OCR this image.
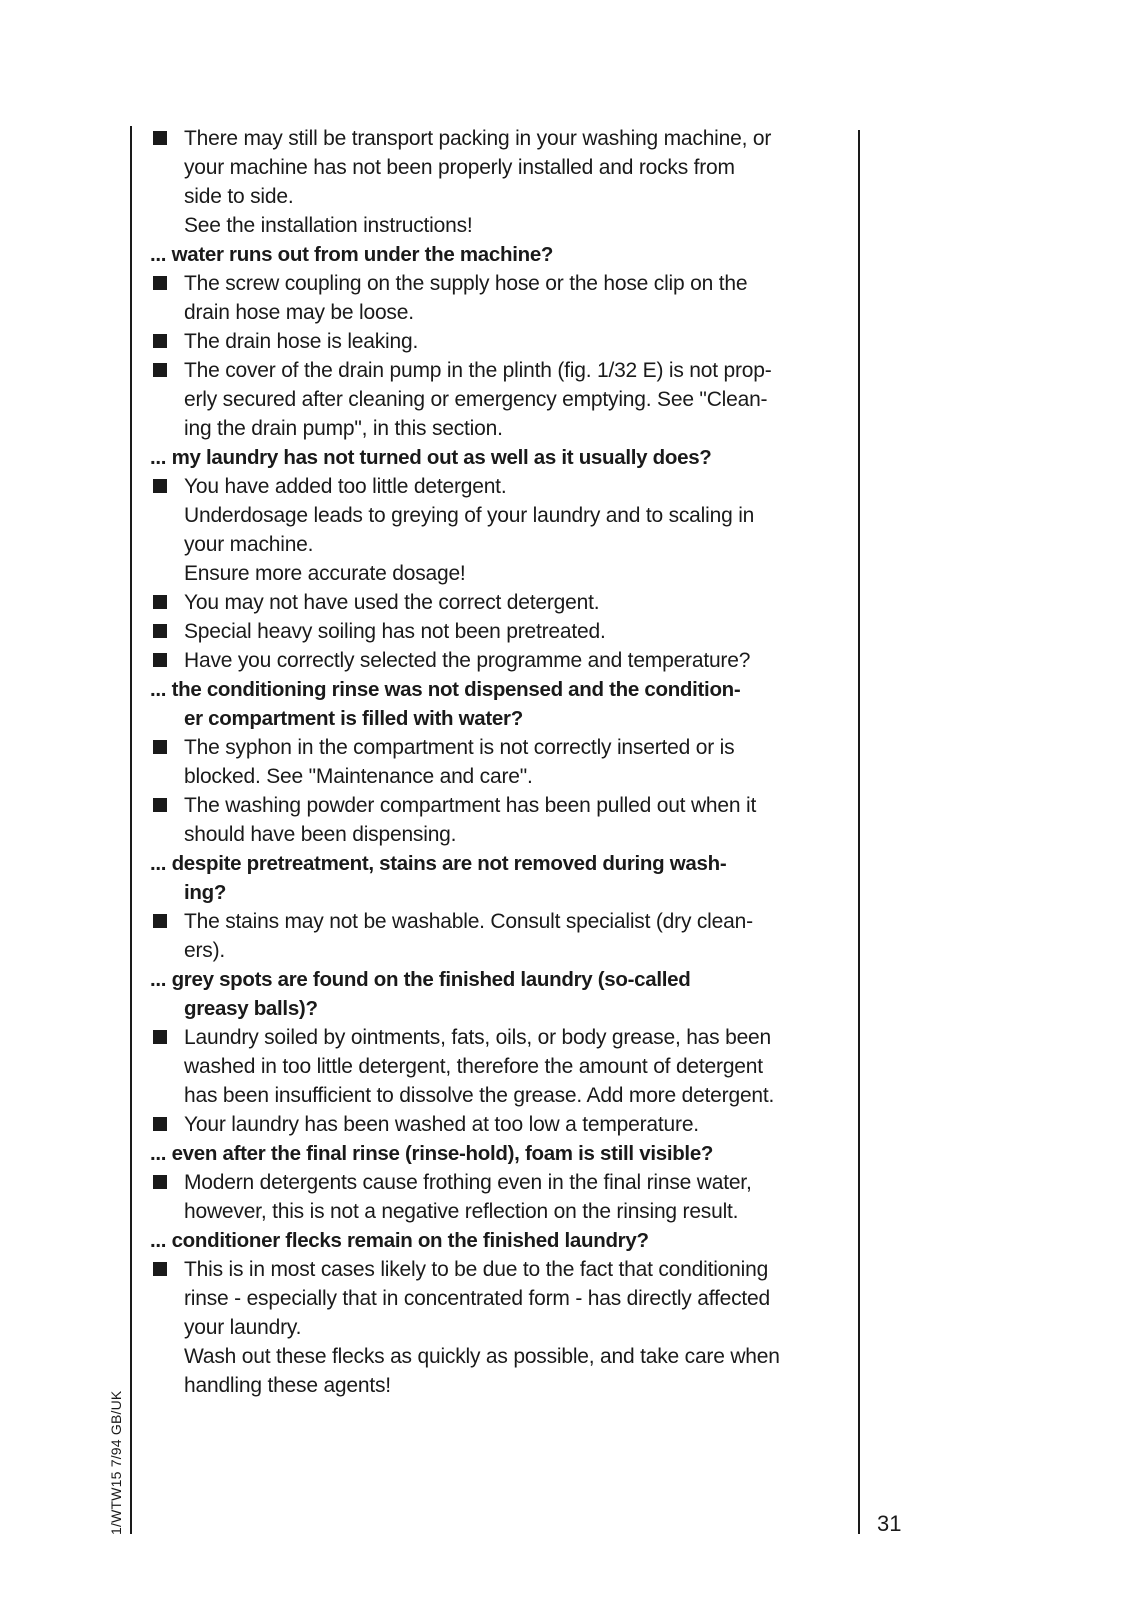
There may still be transport packing in your washing machine, or
your machine has not been properly installed and rocks from
side to side.
See the installation instructions!
... water runs out from under the machine?
The screw coupling on the supply hose or the hose clip on the
drain hose may be loose.
The drain hose is leaking.
The cover of the drain pump in the plinth (fig. 1/32 E) is not prop-
erly secured after cleaning or emergency emptying. See "Clean-
ing the drain pump", in this section.
... my laundry has not turned out as well as it usually does?
You have added too little detergent.
Underdosage leads to greying of your laundry and to scaling in
your machine.
Ensure more accurate dosage!
You may not have used the correct detergent.
Special heavy soiling has not been pretreated.
Have you correctly selected the programme and temperature?
... the conditioning rinse was not dispensed and the condition-
er compartment is filled with water?
The syphon in the compartment is not correctly inserted or is
blocked. See "Maintenance and care".
The washing powder compartment has been pulled out when it
should have been dispensing.
... despite pretreatment, stains are not removed during wash-
ing?
The stains may not be washable. Consult specialist (dry clean-
ers).
... grey spots are found on the finished laundry (so-called
greasy balls)?
Laundry soiled by ointments, fats, oils, or body grease, has been
washed in too little detergent, therefore the amount of detergent
has been insufficient to dissolve the grease. Add more detergent.
Your laundry has been washed at too low a temperature.
... even after the final rinse (rinse-hold), foam is still visible?
Modern detergents cause frothing even in the final rinse water,
however, this is not a negative reflection on the rinsing result.
... conditioner flecks remain on the finished laundry?
This is in most cases likely to be due to the fact that conditioning
rinse - especially that in concentrated form - has directly affected
your laundry.
Wash out these flecks as quickly as possible, and take care when
handling these agents!
1/WTW15 7/94 GB/UK	31
